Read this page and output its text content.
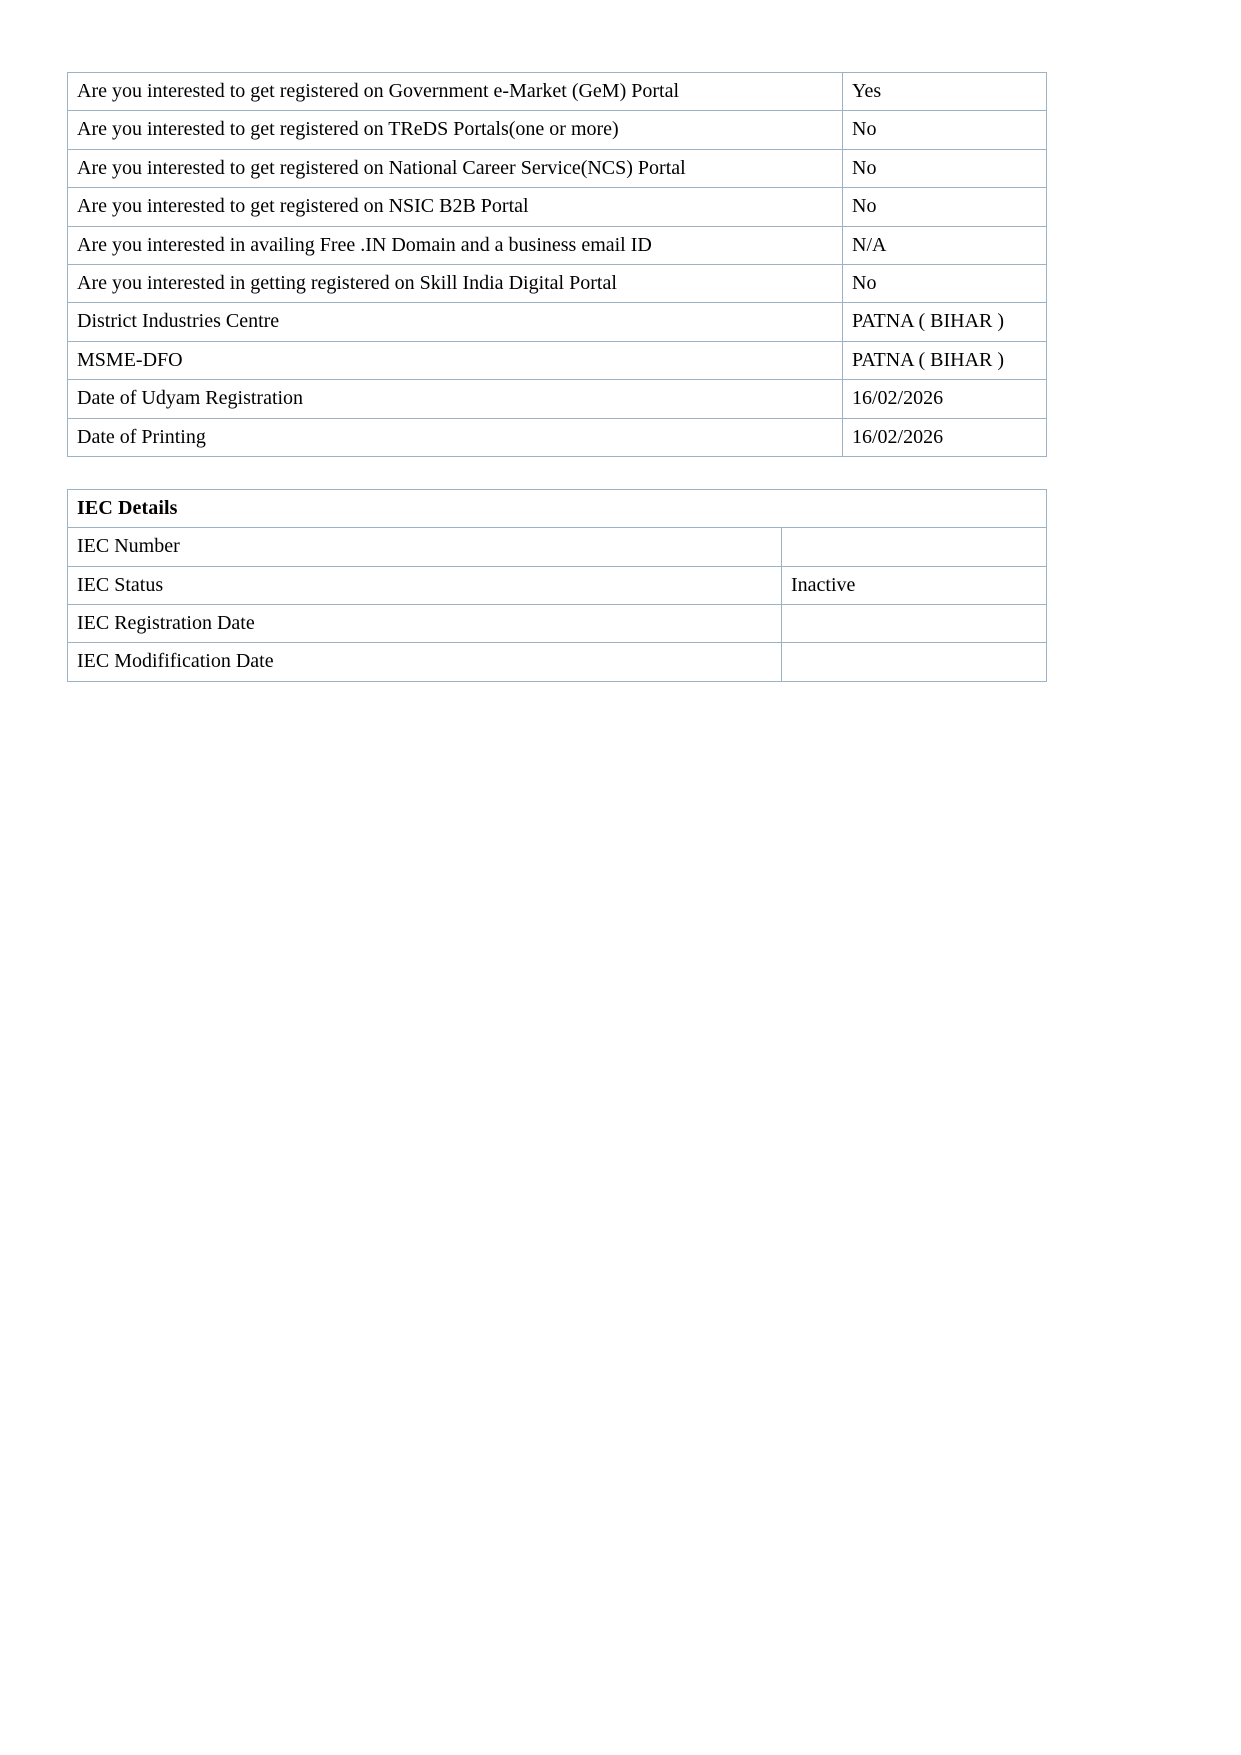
Are you interested to get registered on Government e-Market (GeM) Portal	Yes
Are you interested to get registered on TReDS Portals(one or more)	No
Are you interested to get registered on National Career Service(NCS) Portal	No
Are you interested to get registered on NSIC B2B Portal	No
Are you interested in availing Free .IN Domain and a business email ID	N/A
Are you interested in getting registered on Skill India Digital Portal	No
District Industries Centre	PATNA ( BIHAR )
MSME-DFO	PATNA ( BIHAR )
Date of Udyam Registration	16/02/2026
Date of Printing	16/02/2026
IEC Details	
IEC Number	
IEC Status	Inactive
IEC Registration Date	
IEC Modifification Date	
